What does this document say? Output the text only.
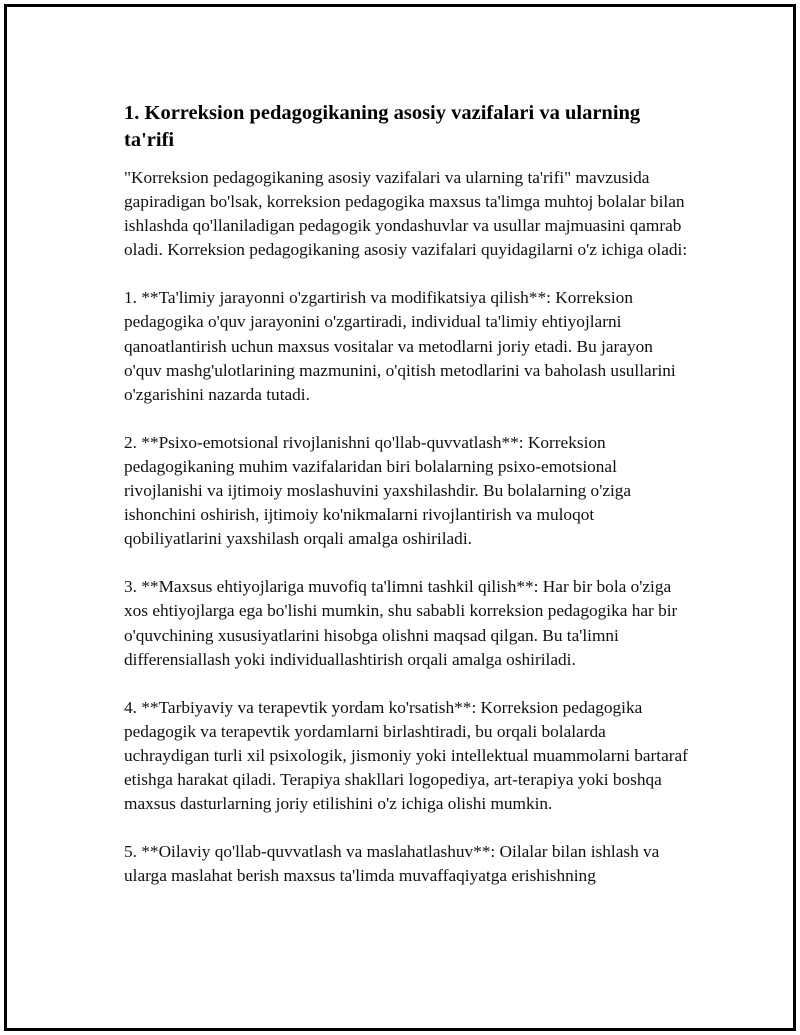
1. Korreksion pedagogikaning asosiy vazifalari va ularning ta'rifi

"Korreksion pedagogikaning asosiy vazifalari va ularning ta'rifi" mavzusida gapiradigan bo'lsak, korreksion pedagogika maxsus ta'limga muhtoj bolalar bilan ishlashda qo'llaniladigan pedagogik yondashuvlar va usullar majmuasini qamrab oladi. Korreksion pedagogikaning asosiy vazifalari quyidagilarni o'z ichiga oladi:

1. **Ta'limiy jarayonni o'zgartirish va modifikatsiya qilish**: Korreksion pedagogika o'quv jarayonini o'zgartiradi, individual ta'limiy ehtiyojlarni qanoatlantirish uchun maxsus vositalar va metodlarni joriy etadi. Bu jarayon o'quv mashg'ulotlarining mazmunini, o'qitish metodlarini va baholash usullarini o'zgarishini nazarda tutadi.

2. **Psixo-emotsional rivojlanishni qo'llab-quvvatlash**: Korreksion pedagogikaning muhim vazifalaridan biri bolalarning psixo-emotsional rivojlanishi va ijtimoiy moslashuvini yaxshilashdir. Bu bolalarning o'ziga ishonchini oshirish, ijtimoiy ko'nikmalarni rivojlantirish va muloqot qobiliyatlarini yaxshilash orqali amalga oshiriladi.

3. **Maxsus ehtiyojlariga muvofiq ta'limni tashkil qilish**: Har bir bola o'ziga xos ehtiyojlarga ega bo'lishi mumkin, shu sababli korreksion pedagogika har bir o'quvchining xususiyatlarini hisobga olishni maqsad qilgan. Bu ta'limni differensiallash yoki individuallashtirish orqali amalga oshiriladi.

4. **Tarbiyaviy va terapevtik yordam ko'rsatish**: Korreksion pedagogika pedagogik va terapevtik yordamlarni birlashtiradi, bu orqali bolalarda uchraydigan turli xil psixologik, jismoniy yoki intellektual muammolarni bartaraf etishga harakat qiladi. Terapiya shakllari logopediya, art-terapiya yoki boshqa maxsus dasturlarning joriy etilishini o'z ichiga olishi mumkin.

5. **Oilaviy qo'llab-quvvatlash va maslahatlashuv**: Oilalar bilan ishlash va ularga maslahat berish maxsus ta'limda muvaffaqiyatga erishishning
